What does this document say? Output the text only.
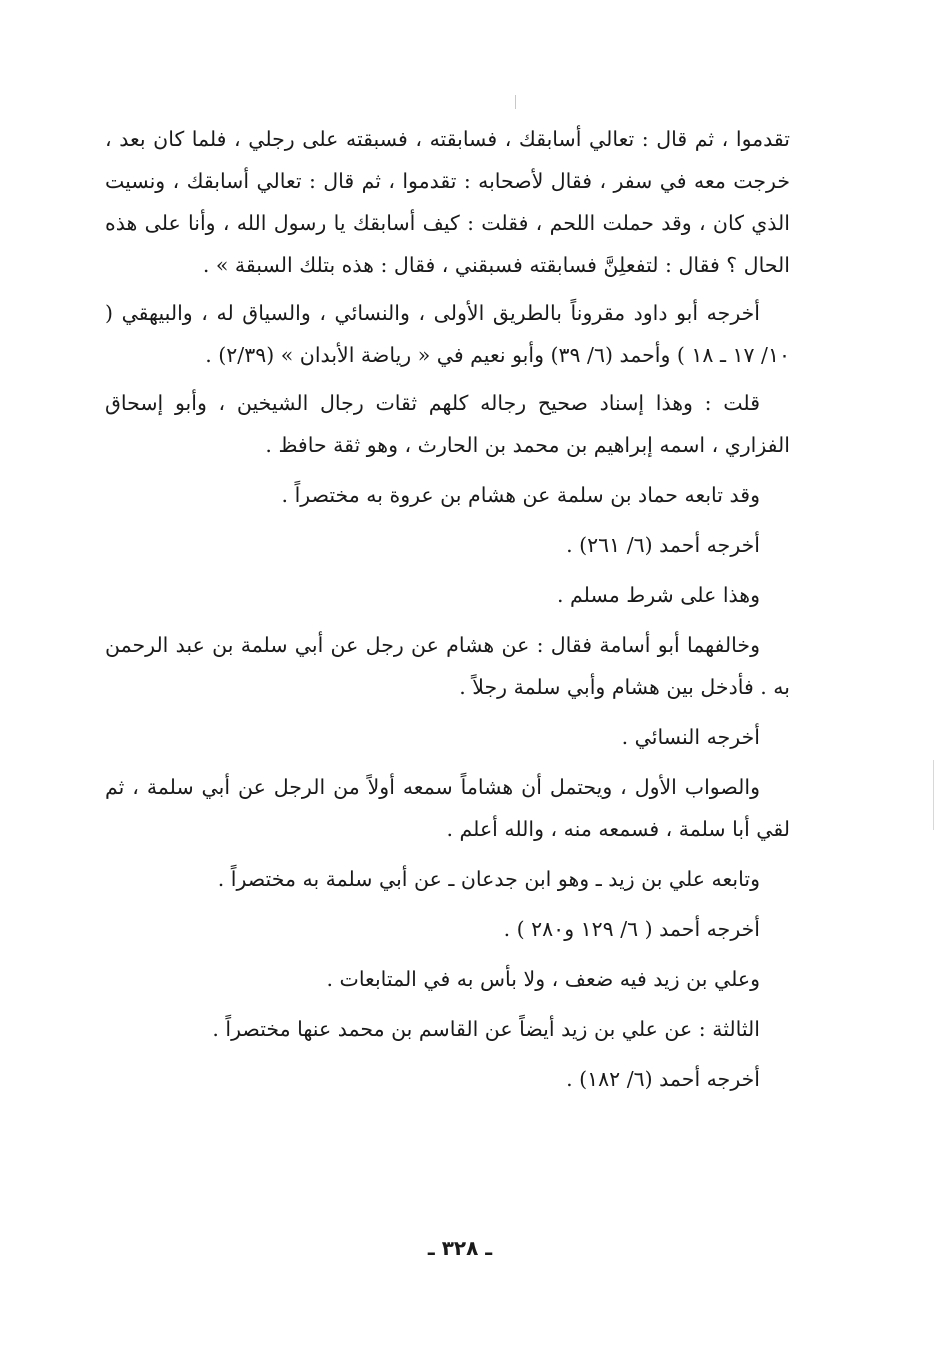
تقدموا ، ثم قال : تعالي أسابقك ، فسابقته ، فسبقته على رجلي ، فلما كان بعد ، خرجت معه في سفر ، فقال لأصحابه : تقدموا ، ثم قال : تعالي أسابقك ، ونسيت الذي كان ، وقد حملت اللحم ، فقلت : كيف أسابقك يا رسول الله ، وأنا على هذه الحال ؟ فقال : لتفعلِنَّ فسابقته فسبقني ، فقال : هذه بتلك السبقة » .

أخرجه أبو داود مقروناً بالطريق الأولى ، والنسائي ، والسياق له ، والبيهقي ( ١٠/ ١٧ ـ ١٨ ) وأحمد (٦/ ٣٩) وأبو نعيم في « رياضة الأبدان » (٢/٣٩) .

قلت : وهذا إسناد صحيح رجاله كلهم ثقات رجال الشيخين ، وأبو إسحاق الفزاري ، اسمه إبراهيم بن محمد بن الحارث ، وهو ثقة حافظ .

وقد تابعه حماد بن سلمة عن هشام بن عروة به مختصراً .

أخرجه أحمد (٦/ ٢٦١) .

وهذا على شرط مسلم .

وخالفهما أبو أسامة فقال : عن هشام عن رجل عن أبي سلمة بن عبد الرحمن به . فأدخل بين هشام وأبي سلمة رجلاً .

أخرجه النسائي .

والصواب الأول ، ويحتمل أن هشاماً سمعه أولاً من الرجل عن أبي سلمة ، ثم لقي أبا سلمة ، فسمعه منه ، والله أعلم .

وتابعه علي بن زيد ـ وهو ابن جدعان ـ عن أبي سلمة به مختصراً .

أخرجه أحمد ( ٦/ ١٢٩ و٢٨٠ ) .

وعلي بن زيد فيه ضعف ، ولا بأس به في المتابعات .

الثالثة : عن علي بن زيد أيضاً عن القاسم بن محمد عنها مختصراً .

أخرجه أحمد (٦/ ١٨٢) .

ـ ٣٢٨ ـ
